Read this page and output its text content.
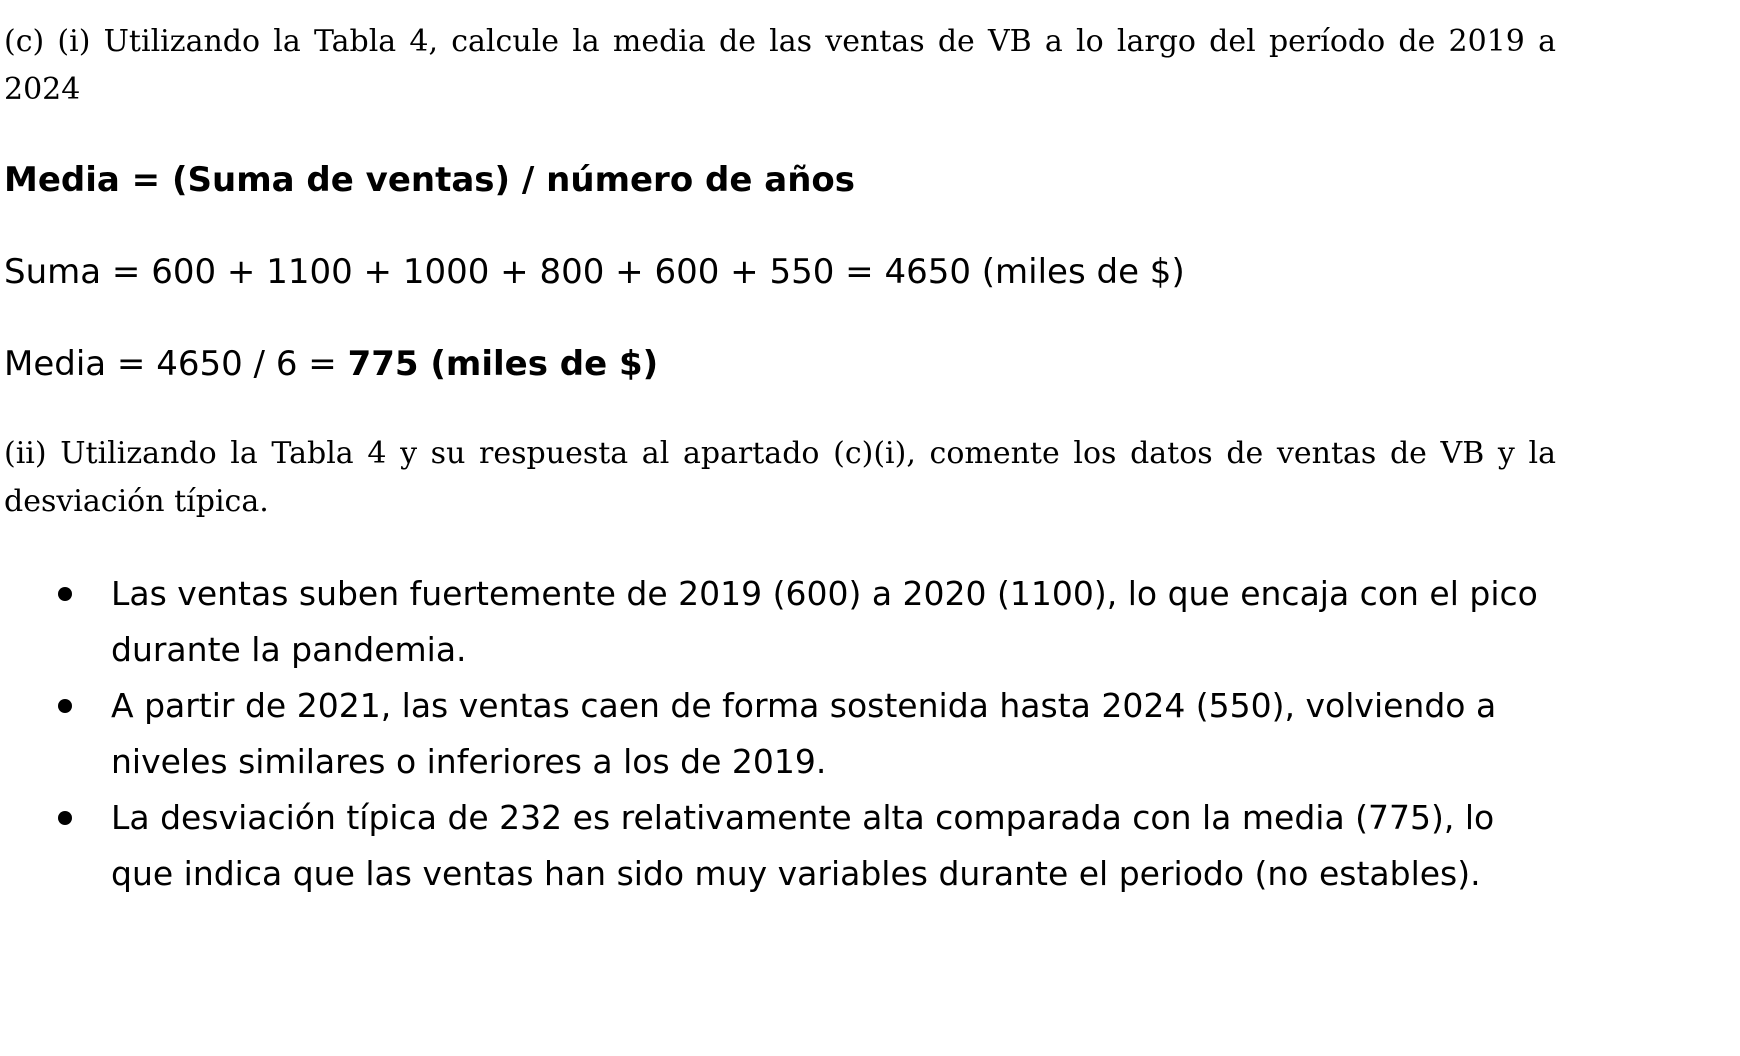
(c) (i) Utilizando la Tabla 4, calcule la media de las ventas de VB a lo largo del período de 2019 a 2024

Media = (Suma de ventas) / número de años

Suma = 600 + 1100 + 1000 + 800 + 600 + 550 = 4650 (miles de $)

Media = 4650 / 6 = 775 (miles de $)

(ii) Utilizando la Tabla 4 y su respuesta al apartado (c)(i), comente los datos de ventas de VB y la desviación típica.

Las ventas suben fuertemente de 2019 (600) a 2020 (1100), lo que encaja con el pico durante la pandemia.
A partir de 2021, las ventas caen de forma sostenida hasta 2024 (550), volviendo a niveles similares o inferiores a los de 2019.
La desviación típica de 232 es relativamente alta comparada con la media (775), lo que indica que las ventas han sido muy variables durante el periodo (no estables).
